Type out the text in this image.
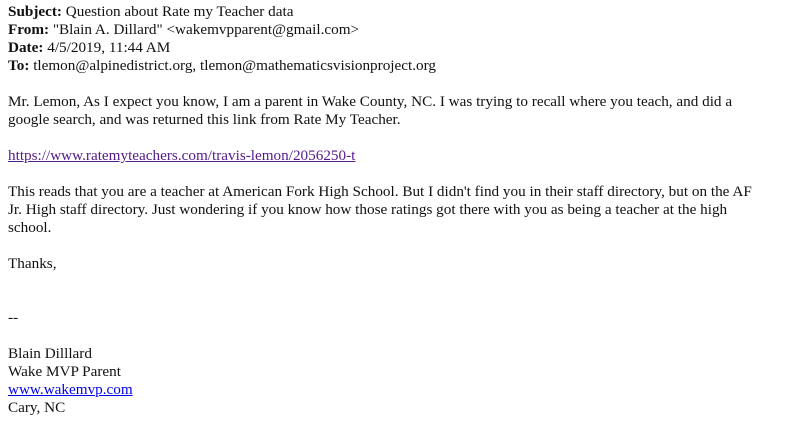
Subject: Question about Rate my Teacher data
From: "Blain A. Dillard" <wakemvpparent@gmail.com>
Date: 4/5/2019, 11:44 AM
To: tlemon@alpinedistrict.org, tlemon@mathematicsvisionproject.org

Mr. Lemon, As I expect you know, I am a parent in Wake County, NC. I was trying to recall where you teach, and did a
google search, and was returned this link from Rate My Teacher.

https://www.ratemyteachers.com/travis-lemon/2056250-t

This reads that you are a teacher at American Fork High School. But I didn't find you in their staff directory, but on the AF
Jr. High staff directory. Just wondering if you know how those ratings got there with you as being a teacher at the high
school.

Thanks,

--
Blain Dilllard
Wake MVP Parent
www.wakemvp.com
Cary, NC
